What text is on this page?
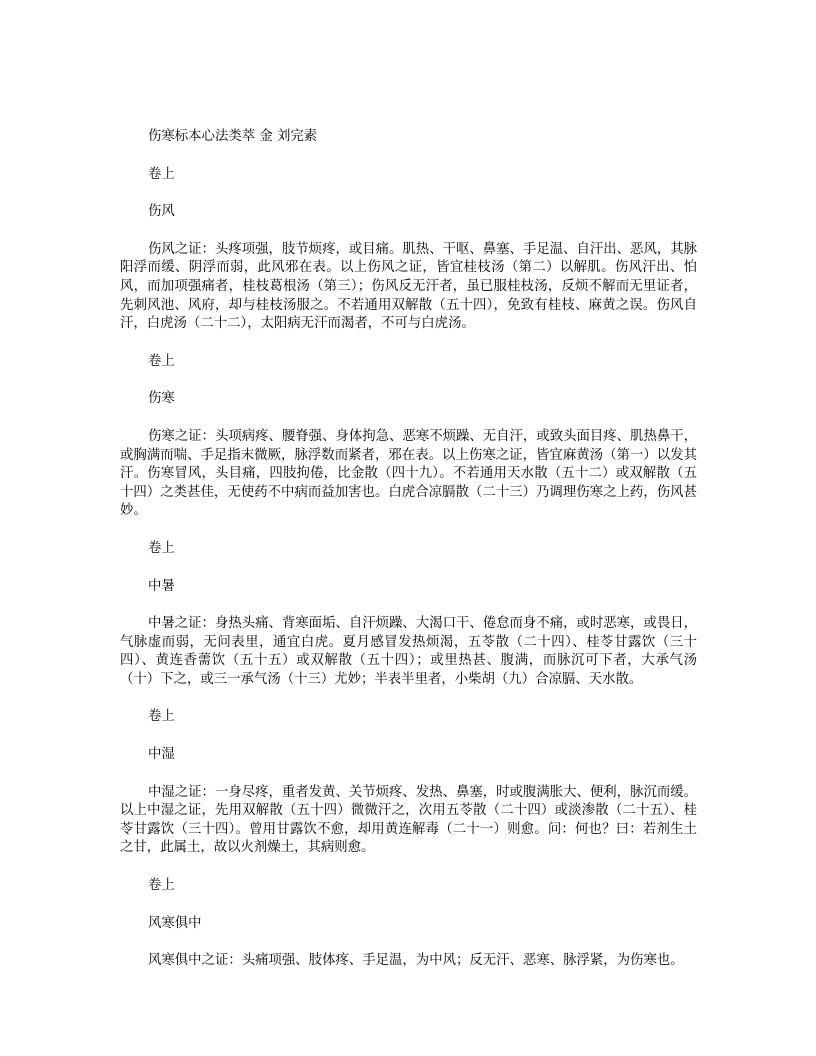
伤寒标本心法类萃 金 刘完素

卷上

伤风

伤风之证：头疼项强，肢节烦疼，或目痛。肌热、干呕、鼻塞、手足温、自汗出、恶风，其脉阳浮而缓、阴浮而弱，此风邪在表。以上伤风之证，皆宜桂枝汤（第二）以解肌。伤风汗出、怕风，而加项强痛者，桂枝葛根汤（第三）；伤风反无汗者，虽已服桂枝汤，反烦不解而无里证者，先刺风池、风府，却与桂枝汤服之。不若通用双解散（五十四），免致有桂枝、麻黄之误。伤风自汗，白虎汤（二十二），太阳病无汗而渴者，不可与白虎汤。

卷上

伤寒

伤寒之证：头项病疼、腰脊强、身体拘急、恶寒不烦躁、无自汗，或致头面目疼、肌热鼻干，或胸满而喘、手足指末微厥，脉浮数而紧者，邪在表。以上伤寒之证，皆宜麻黄汤（第一）以发其汗。伤寒冒风，头目痛，四肢拘倦，比金散（四十九）。不若通用天水散（五十二）或双解散（五十四）之类甚佳，无使药不中病而益加害也。白虎合凉膈散（二十三）乃调理伤寒之上药，伤风甚妙。

卷上

中暑

中暑之证：身热头痛、背寒面垢、自汗烦躁、大渴口干、倦怠而身不痛，或时恶寒，或畏日，气脉虚而弱，无问表里，通宜白虎。夏月感冒发热烦渴，五苓散（二十四）、桂苓甘露饮（三十四）、黄连香薷饮（五十五）或双解散（五十四）；或里热甚、腹满，而脉沉可下者，大承气汤（十）下之，或三一承气汤（十三）尤妙；半表半里者，小柴胡（九）合凉膈、天水散。

卷上

中湿

中湿之证：一身尽疼，重者发黄、关节烦疼、发热、鼻塞，时或腹满胀大、便利，脉沉而缓。以上中湿之证，先用双解散（五十四）微微汗之，次用五苓散（二十四）或淡渗散（二十五）、桂苓甘露饮（三十四）。曾用甘露饮不愈，却用黄连解毒（二十一）则愈。问：何也？曰：若剂生土之甘，此属土，故以火剂燥土，其病则愈。

卷上

风寒俱中

风寒俱中之证：头痛项强、肢体疼、手足温，为中风；反无汗、恶寒、脉浮紧，为伤寒也。
